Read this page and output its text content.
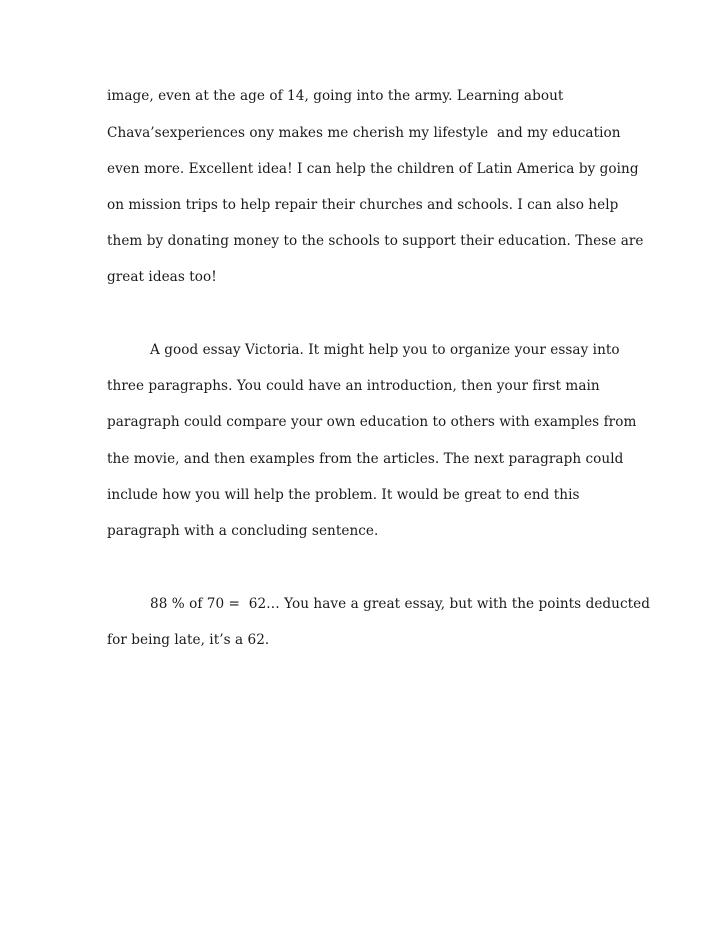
image, even at the age of 14, going into the army. Learning about

Chava’sexperiences ony makes me cherish my lifestyle  and my education

even more. Excellent idea! I can help the children of Latin America by going

on mission trips to help repair their churches and schools. I can also help

them by donating money to the schools to support their education. These are

great ideas too!

A good essay Victoria. It might help you to organize your essay into

three paragraphs. You could have an introduction, then your first main

paragraph could compare your own education to others with examples from

the movie, and then examples from the articles. The next paragraph could

include how you will help the problem. It would be great to end this

paragraph with a concluding sentence.

88 % of 70 =  62… You have a great essay, but with the points deducted

for being late, it’s a 62.
